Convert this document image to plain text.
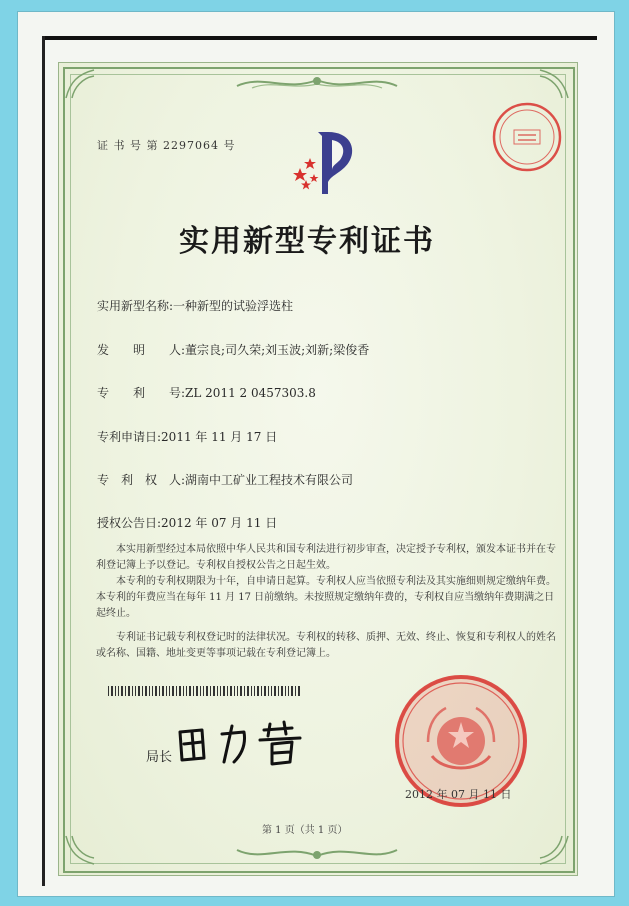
证 书 号 第 2297064 号
实用新型专利证书
实用新型名称:一种新型的试验浮选柱
发　　明　　人:董宗良;司久荣;刘玉波;刘新;梁俊香
专　　利　　号:ZL 2011 2 0457303.8
专利申请日:2011 年 11 月 17 日
专　利　权　人:湖南中工矿业工程技术有限公司
授权公告日:2012 年 07 月 11 日

本实用新型经过本局依照中华人民共和国专利法进行初步审查，决定授予专利权，颁发本证书并在专利登记簿上予以登记。专利权自授权公告之日起生效。

本专利的专利权期限为十年，自申请日起算。专利权人应当依照专利法及其实施细则规定缴纳年费。本专利的年费应当在每年 11 月 17 日前缴纳。未按照规定缴纳年费的，专利权自应当缴纳年费期满之日起终止。

专利证书记载专利权登记时的法律状况。专利权的转移、质押、无效、终止、恢复和专利权人的姓名或名称、国籍、地址变更等事项记载在专利登记簿上。

局长
2012 年 07 月 11 日
第 1 页（共 1 页）
